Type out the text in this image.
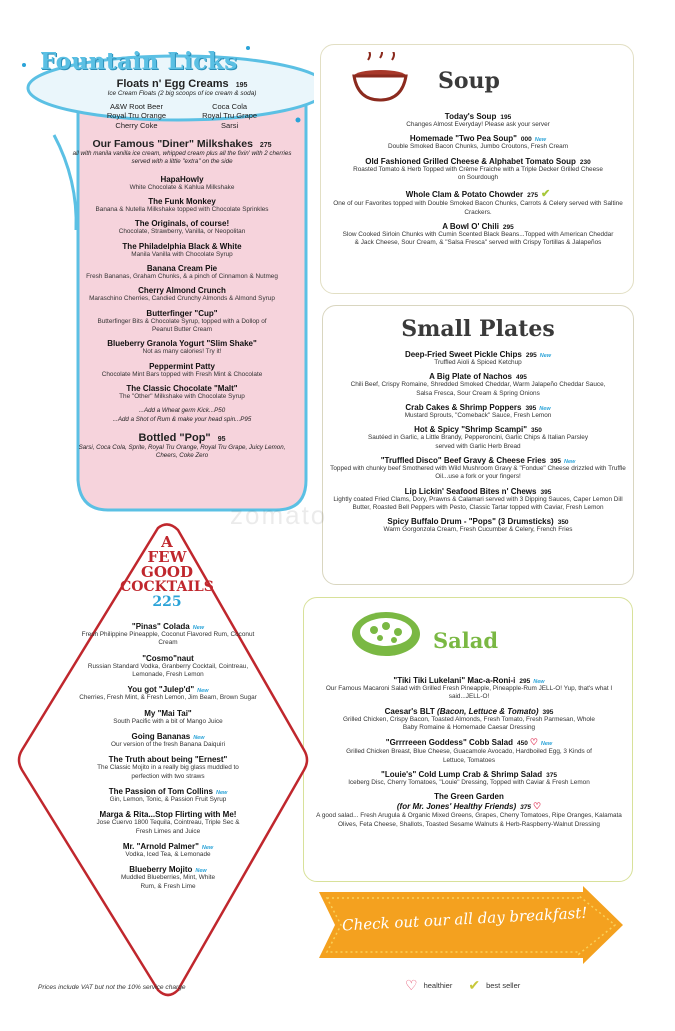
Fountain Licks
Floats n' Egg Creams 195
Ice Cream Floats (2 big scoops of ice cream & soda)
A&W Root Beer
Royal Tru Orange
Cherry Coke
Coca Cola
Royal Tru Grape
Sarsi
Our Famous "Diner" Milkshakes 275
all with manila vanilla ice cream, whipped cream plus all the fixin' with 2 cherries served with a little "extra" on the side
HapaHowly
White Chocolate & Kahlua Milkshake
The Funk Monkey
Banana & Nutella Milkshake topped with Chocolate Sprinkles
The Originals, of course!
Chocolate, Strawberry, Vanilla, or Neopolitan
The Philadelphia Black & White
Manila Vanilla with Chocolate Syrup
Banana Cream Pie
Fresh Bananas, Graham Chunks, & a pinch of Cinnamon & Nutmeg
Cherry Almond Crunch
Maraschino Cherries, Candied Crunchy Almonds & Almond Syrup
Butterfinger "Cup"
Butterfinger Bits & Chocolate Syrup, topped with a Dollop of Peanut Butter Cream
Blueberry Granola Yogurt "Slim Shake"
Not as many calories! Try it!
Peppermint Patty
Chocolate Mint Bars topped with Fresh Mint & Chocolate
The Classic Chocolate "Malt"
The "Other" Milkshake with Chocolate Syrup
...Add a Wheat germ Kick...P50
...Add a Shot of Rum & make your head spin...P95
Bottled "Pop" 95
Sarsi, Coca Cola, Sprite, Royal Tru Orange, Royal Tru Grape, Juicy Lemon, Cheers, Coke Zero
Soup
Today's Soup 195
Changes Almost Everyday! Please ask your server
Homemade "Two Pea Soup" 000 New
Double Smoked Bacon Chunks, Jumbo Croutons, Fresh Cream
Old Fashioned Grilled Cheese & Alphabet Tomato Soup 230
Roasted Tomato & Herb Topped with Crème Fraiche with a Triple Decker Grilled Cheese on Sourdough
Whole Clam & Potato Chowder 275 ✔
One of our Favorites topped with Double Smoked Bacon Chunks, Carrots & Celery served with Saltine Crackers.
A Bowl O' Chili 295
Slow Cooked Sirloin Chunks with Cumin Scented Black Beans...Topped with American Cheddar & Jack Cheese, Sour Cream, & "Salsa Fresca" served with Crispy Tortillas & Jalapeños
Small Plates
Deep-Fried Sweet Pickle Chips 295 New
Truffled Aioli & Spiced Ketchup
A Big Plate of Nachos 495
Chili Beef, Crispy Romaine, Shredded Smoked Cheddar, Warm Jalapeño Cheddar Sauce, Salsa Fresca, Sour Cream & Spring Onions
Crab Cakes & Shrimp Poppers 395 New
Mustard Sprouts, "Comeback" Sauce, Fresh Lemon
Hot & Spicy "Shrimp Scampi" 350
Sautéed in Garlic, a Little Brandy, Pepperoncini, Garlic Chips & Italian Parsley served with Garlic Herb Bread
"Truffled Disco" Beef Gravy & Cheese Fries 395 New
Topped with chunky beef Smothered with Wild Mushroom Gravy & "Fondue" Cheese drizzled with Truffle Oil...use a fork or your fingers!
Lip Lickin' Seafood Bites n' Chews 395
Lightly coated Fried Clams, Dory, Prawns & Calamari served with 3 Dipping Sauces, Caper Lemon Dill Butter, Roasted Bell Peppers with Pesto, Classic Tartar topped with Caviar, Fresh Lemon
Spicy Buffalo Drum - "Pops" (3 Drumsticks) 350
Warm Gorgonzola Cream, Fresh Cucumber & Celery, French Fries
Salad
"Tiki Tiki Lukelani" Mac-a-Roni-i 295 New
Our Famous Macaroni Salad with Grilled Fresh Pineapple, Pineapple-Rum JELL-O! Yup, that's what I said...JELL-O!
Caesar's BLT (Bacon, Lettuce & Tomato) 395
Grilled Chicken, Crispy Bacon, Toasted Almonds, Fresh Tomato, Fresh Parmesan, Whole Baby Romaine & Homemade Caesar Dressing
"Grrrreeen Goddess" Cobb Salad 450 ♡ New
Grilled Chicken Breast, Blue Cheese, Guacamole Avocado, Hardboiled Egg, 3 Kinds of Lettuce, Tomatoes
"Louie's" Cold Lump Crab & Shrimp Salad 375
Iceberg Disc, Cherry Tomatoes, "Louie" Dressing, Topped with Caviar & Fresh Lemon
The Green Garden
(for Mr. Jones' Healthy Friends) 375 ♡
A good salad... Fresh Arugula & Organic Mixed Greens, Grapes, Cherry Tomatoes, Ripe Oranges, Kalamata Olives, Feta Cheese, Shallots, Toasted Sesame Walnuts & Herb-Raspberry-Walnut Dressing
A
FEW
GOOD
COCKTAILS
225
"Pinas" Colada New
Fresh Philippine Pineapple, Coconut Flavored Rum, Coconut Cream
"Cosmo"naut
Russian Standard Vodka, Granberry Cocktail, Cointreau, Lemonade, Fresh Lemon
You got "Julep'd" New
Cherries, Fresh Mint, & Fresh Lemon, Jim Beam, Brown Sugar
My "Mai Tai"
South Pacific with a bit of Mango Juice
Going Bananas New
Our version of the fresh Banana Daiquiri
The Truth about being "Ernest"
The Classic Mojito in a really big glass muddled to perfection with two straws
The Passion of Tom Collins New
Gin, Lemon, Tonic, & Passion Fruit Syrup
Marga & Rita...Stop Flirting with Me!
Jose Cuervo 1800 Tequila, Cointreau, Triple Sec & Fresh Limes and Juice
Mr. "Arnold Palmer" New
Vodka, Iced Tea, & Lemonade
Blueberry Mojito New
Muddled Blueberries, Mint, White Rum, & Fresh Lime
Check out our all day breakfast!
Prices include VAT but not the 10% service charge	♡ healthier ✔ best seller
zomato
